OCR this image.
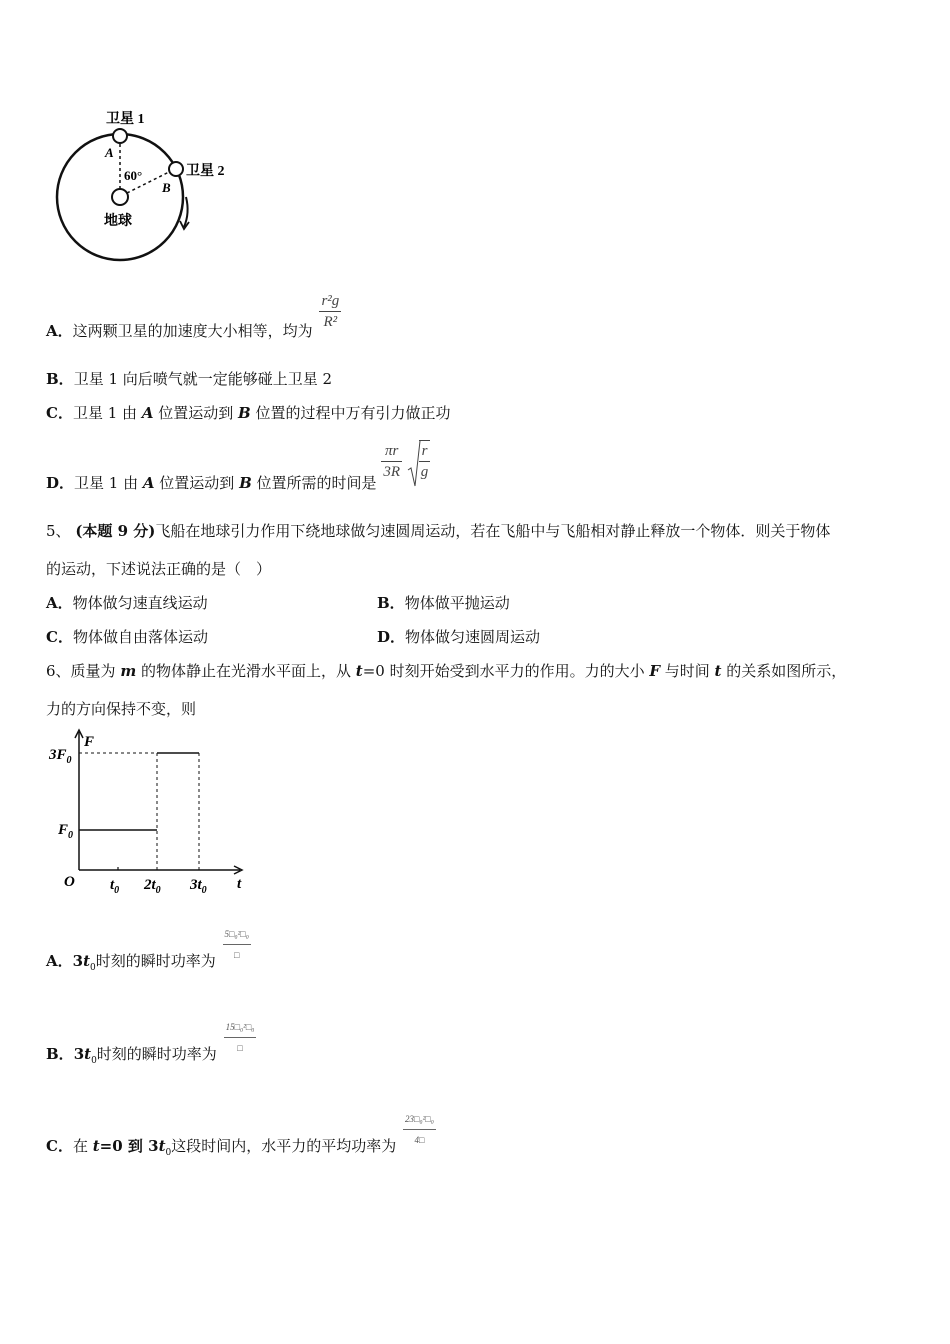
卫星 1
卫星 2
A
B
60°
地球
A．这两颗卫星的加速度大小相等，均为 $\frac{\text{r²g}}{\text{R²}}$
B．卫星 1 向后喷气就一定能够碰上卫星 2
C．卫星 1 由 A 位置运动到 B 位置的过程中万有引力做正功
D．卫星 1 由 A 位置运动到 B 位置所需的时间是
$\frac{\pi r}{3R}$
$\frac{r}{g}$
5、 (本题 9 分)飞船在地球引力作用下绕地球做匀速圆周运动，若在飞船中与飞船相对静止释放一个物体．则关于物体
的运动，下述说法正确的是（　）
A．物体做匀速直线运动	B．物体做平抛运动
C．物体做自由落体运动	D．物体做匀速圆周运动
6、质量为 m 的物体静止在光滑水平面上，从 t=0 时刻开始受到水平力的作用。力的大小 F 与时间 t 的关系如图所示，
力的方向保持不变，则
F
t
O
$3F_0$
$F_0$
$t_0$ $2t_0$ $3t_0$
A．$3t_0$时刻的瞬时功率为 $\frac{\text{5□₀²□₀}}{□}$
B．$3t_0$时刻的瞬时功率为 $\frac{\text{15□₀²□₀}}{□}$
C．在 t=0 到 $3t_0$这段时间内，水平力的平均功率为 $\frac{\text{23□₀²□₀}}{4□}$
